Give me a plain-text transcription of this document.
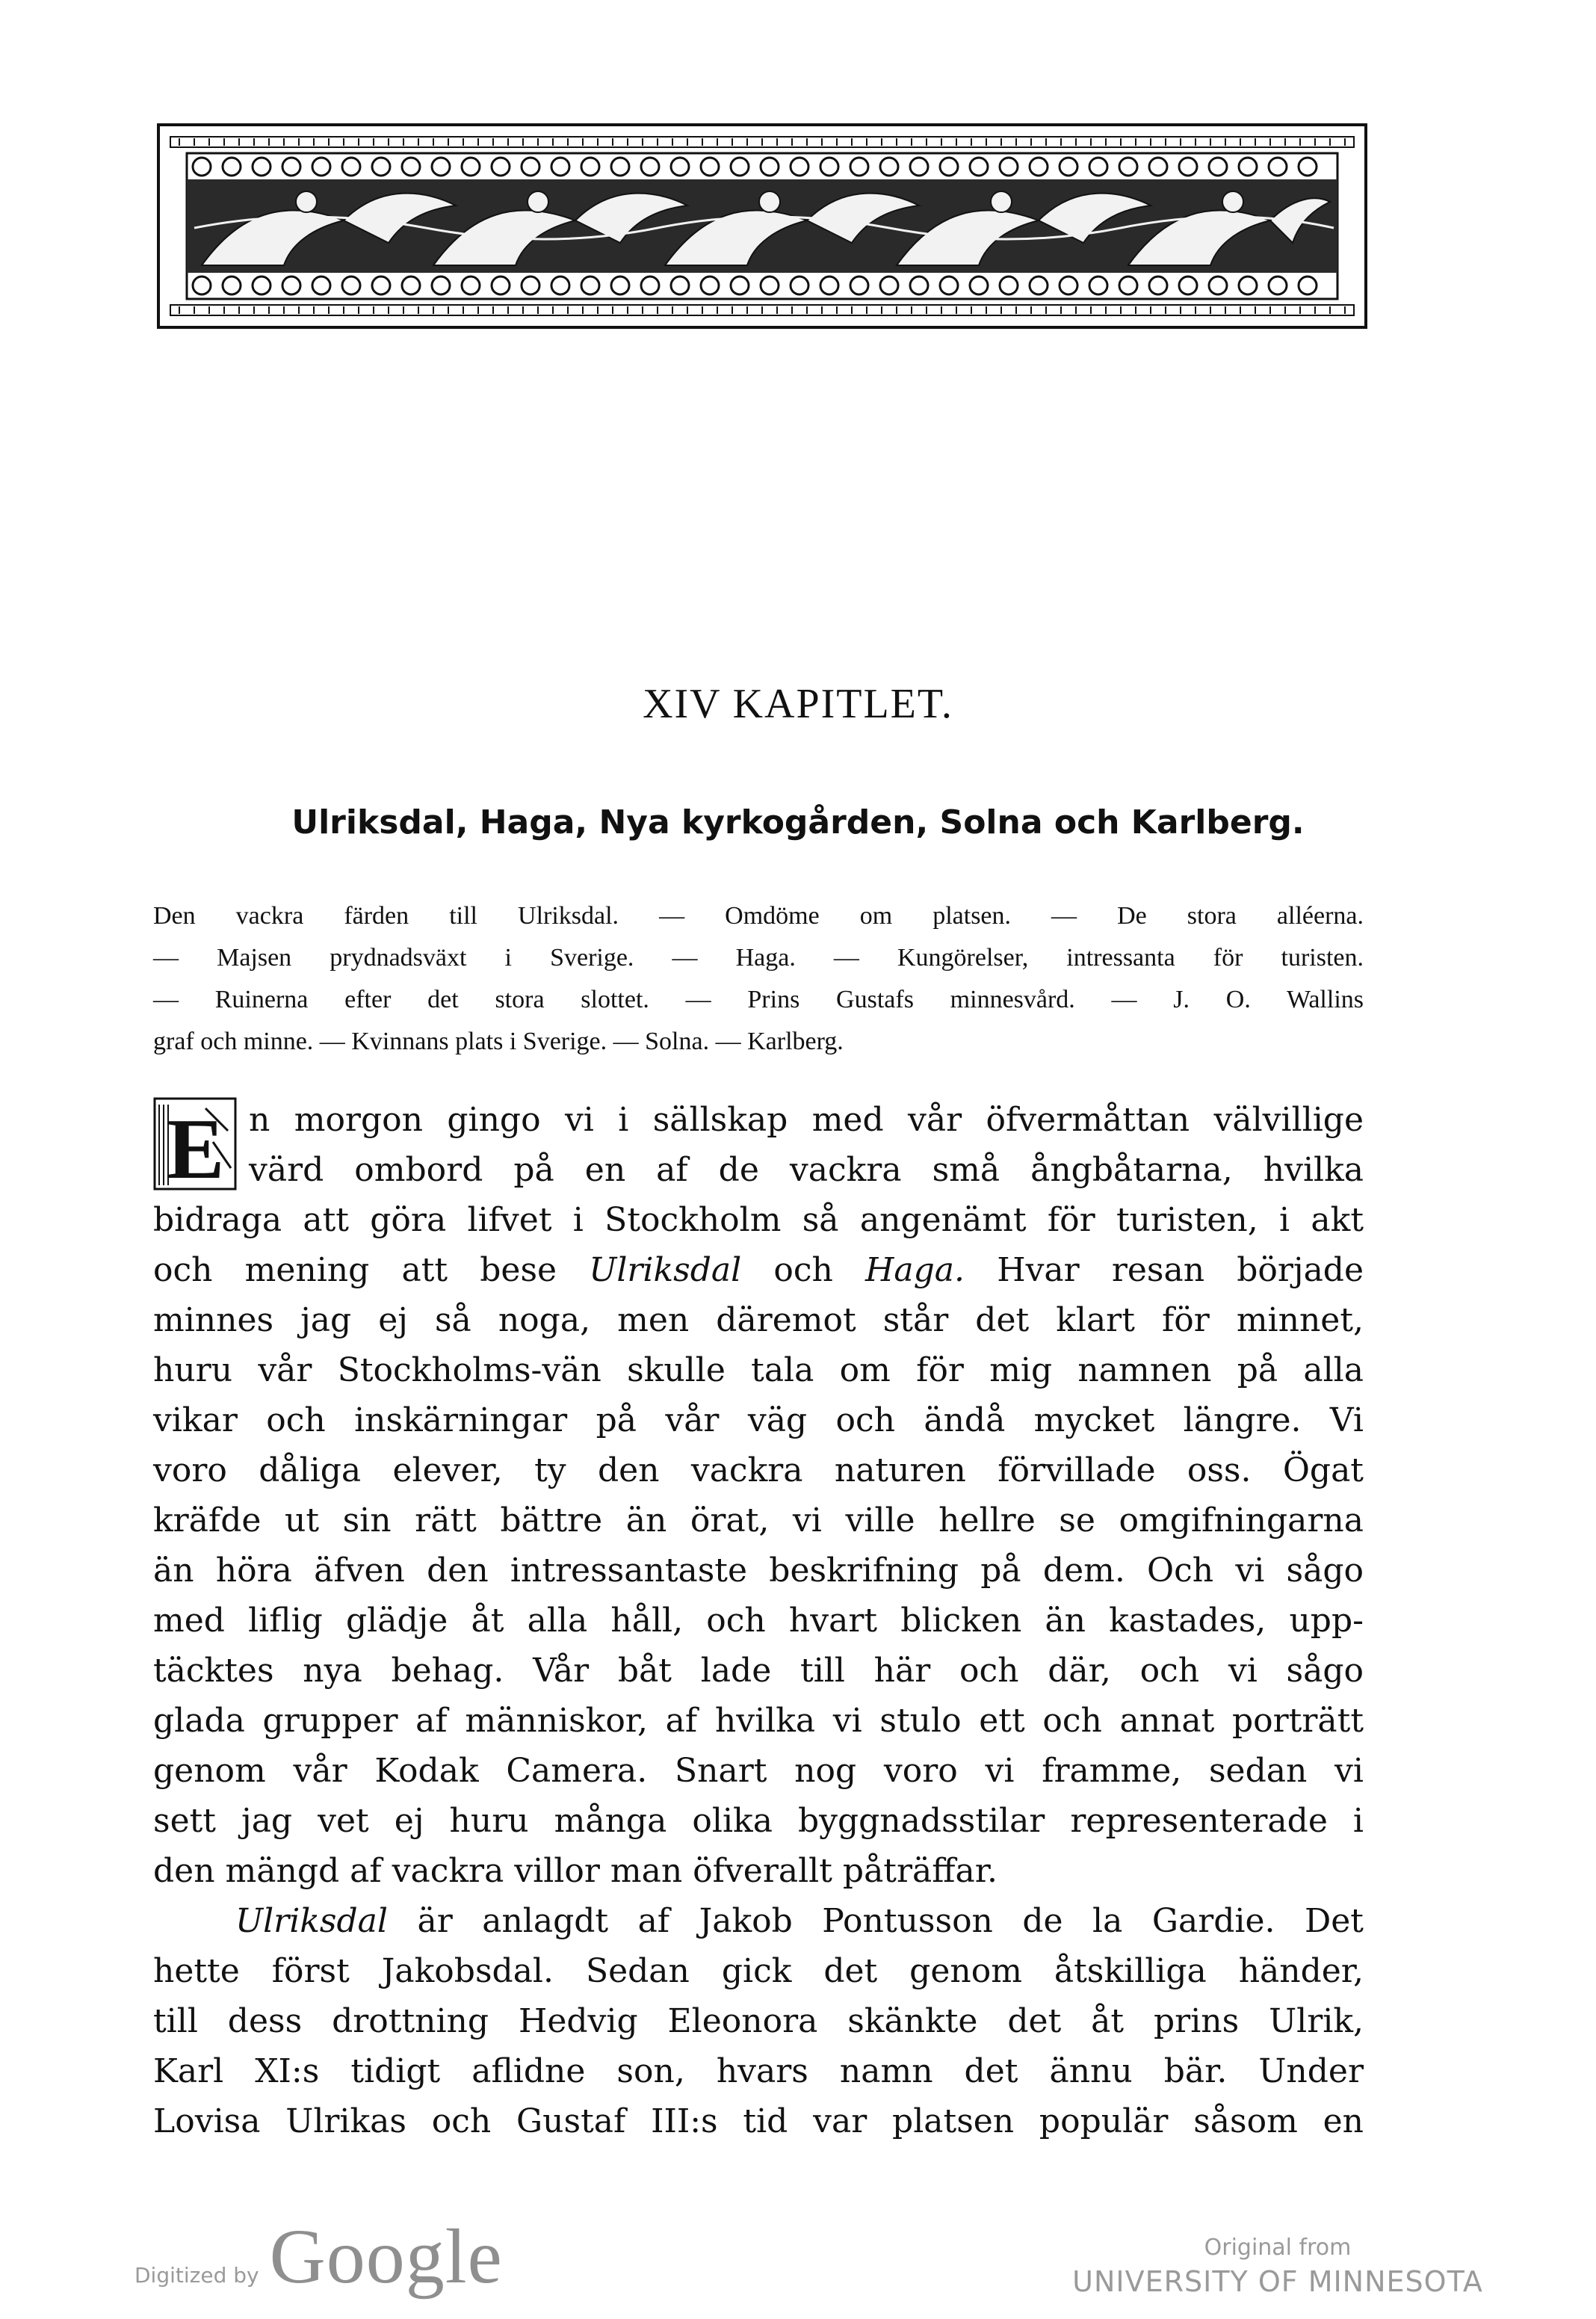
XIV KAPITLET.
Ulriksdal, Haga, Nya kyrkogården, Solna och Karlberg.
Den vackra färden till Ulriksdal. — Omdöme om platsen. — De stora alléerna.
— Majsen prydnadsväxt i Sverige. — Haga. — Kungörelser, intressanta för turisten.
— Ruinerna efter det stora slottet. — Prins Gustafs minnesvård. — J. O. Wallins
graf och minne. — Kvinnans plats i Sverige. — Solna. — Karlberg.
E n morgon gingo vi i sällskap med vår öfvermåttan välvillige
värd ombord på en af de vackra små ångbåtarna, hvilka
bidraga att göra lifvet i Stockholm så angenämt för turisten, i akt
och mening att bese Ulriksdal och Haga. Hvar resan började
minnes jag ej så noga, men däremot står det klart för minnet,
huru vår Stockholms-vän skulle tala om för mig namnen på alla
vikar och inskärningar på vår väg och ändå mycket längre. Vi
voro dåliga elever, ty den vackra naturen förvillade oss. Ögat
kräfde ut sin rätt bättre än örat, vi ville hellre se omgifningarna
än höra äfven den intressantaste beskrifning på dem. Och vi sågo
med liflig glädje åt alla håll, och hvart blicken än kastades, upp-
täcktes nya behag. Vår båt lade till här och där, och vi sågo
glada grupper af människor, af hvilka vi stulo ett och annat porträtt
genom vår Kodak Camera. Snart nog voro vi framme, sedan vi
sett jag vet ej huru många olika byggnadsstilar representerade i
den mängd af vackra villor man öfverallt påträffar.
Ulriksdal är anlagdt af Jakob Pontusson de la Gardie. Det
hette först Jakobsdal. Sedan gick det genom åtskilliga händer,
till dess drottning Hedvig Eleonora skänkte det åt prins Ulrik,
Karl XI:s tidigt aflidne son, hvars namn det ännu bär. Under
Lovisa Ulrikas och Gustaf III:s tid var platsen populär såsom en
Digitized by Google	Original from
UNIVERSITY OF MINNESOTA
